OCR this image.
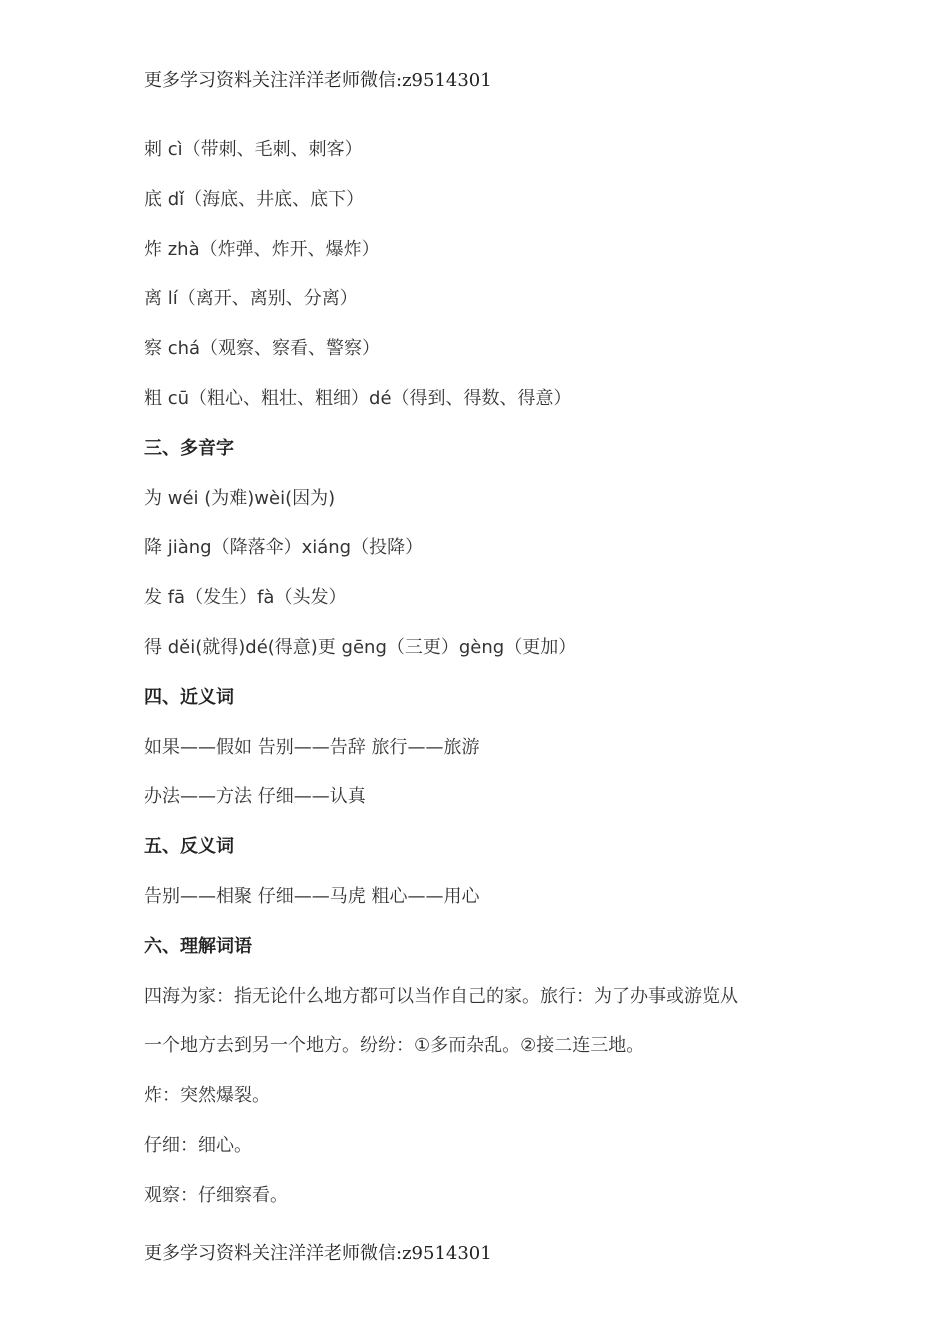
更多学习资料关注洋洋老师微信:z9514301
刺 cì（带刺、毛刺、刺客）
底 dǐ（海底、井底、底下）
炸 zhà（炸弹、炸开、爆炸）
离 lí（离开、离别、分离）
察 chá（观察、察看、警察）
粗 cū（粗心、粗壮、粗细）dé（得到、得数、得意）
三、多音字
为 wéi (为难)wèi(因为)
降 jiàng（降落伞）xiáng（投降）
发 fā（发生）fà（头发）
得 děi(就得)dé(得意)更 gēng（三更）gèng（更加）
四、近义词
如果——假如 告别——告辞 旅行——旅游
办法——方法 仔细——认真
五、反义词
告别——相聚 仔细——马虎 粗心——用心
六、理解词语
四海为家：指无论什么地方都可以当作自己的家。旅行：为了办事或游览从
一个地方去到另一个地方。纷纷：①多而杂乱。②接二连三地。
炸：突然爆裂。
仔细：细心。
观察：仔细察看。
更多学习资料关注洋洋老师微信:z9514301
